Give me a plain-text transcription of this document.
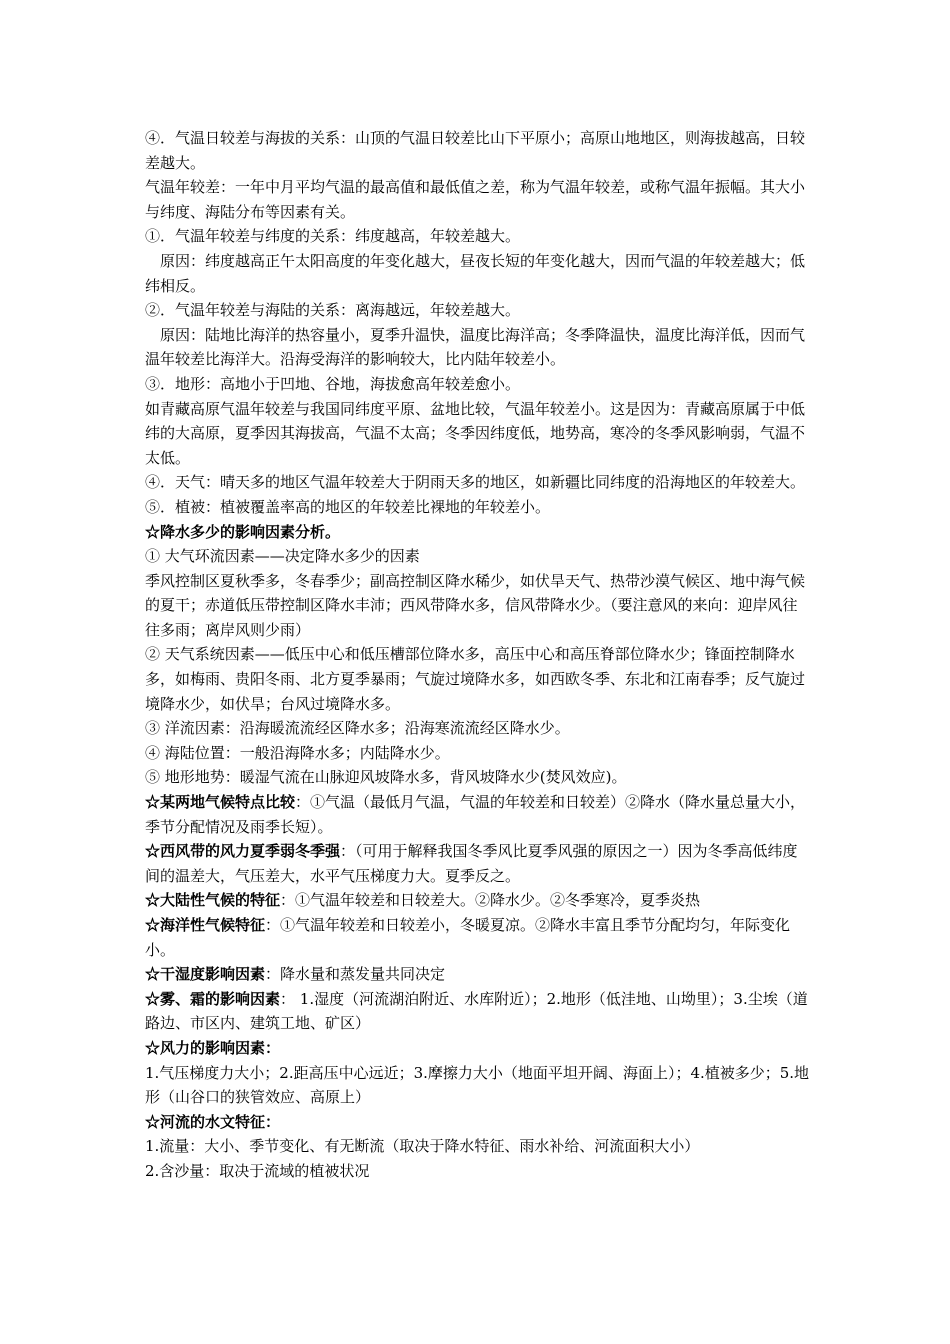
④．气温日较差与海拔的关系：山顶的气温日较差比山下平原小；高原山地地区，则海拔越高，日较差越大。

气温年较差：一年中月平均气温的最高值和最低值之差，称为气温年较差，或称气温年振幅。其大小与纬度、海陆分布等因素有关。

①．气温年较差与纬度的关系：纬度越高，年较差越大。

原因：纬度越高正午太阳高度的年变化越大，昼夜长短的年变化越大，因而气温的年较差越大；低纬相反。

②．气温年较差与海陆的关系：离海越远，年较差越大。

原因：陆地比海洋的热容量小，夏季升温快，温度比海洋高；冬季降温快，温度比海洋低，因而气温年较差比海洋大。沿海受海洋的影响较大，比内陆年较差小。

③．地形：高地小于凹地、谷地，海拔愈高年较差愈小。

如青藏高原气温年较差与我国同纬度平原、盆地比较，气温年较差小。这是因为：青藏高原属于中低纬的大高原，夏季因其海拔高，气温不太高；冬季因纬度低，地势高，寒冷的冬季风影响弱，气温不太低。

④．天气：晴天多的地区气温年较差大于阴雨天多的地区，如新疆比同纬度的沿海地区的年较差大。

⑤．植被：植被覆盖率高的地区的年较差比裸地的年较差小。

☆降水多少的影响因素分析。

① 大气环流因素——决定降水多少的因素

季风控制区夏秋季多，冬春季少；副高控制区降水稀少，如伏旱天气、热带沙漠气候区、地中海气候的夏干；赤道低压带控制区降水丰沛；西风带降水多，信风带降水少。（要注意风的来向：迎岸风往往多雨；离岸风则少雨）

② 天气系统因素——低压中心和低压槽部位降水多，高压中心和高压脊部位降水少；锋面控制降水多，如梅雨、贵阳冬雨、北方夏季暴雨；气旋过境降水多，如西欧冬季、东北和江南春季；反气旋过境降水少，如伏旱；台风过境降水多。

③ 洋流因素：沿海暖流流经区降水多；沿海寒流流经区降水少。

④ 海陆位置：一般沿海降水多；内陆降水少。

⑤ 地形地势：暖湿气流在山脉迎风坡降水多，背风坡降水少(焚风效应)。

☆某两地气候特点比较：①气温（最低月气温，气温的年较差和日较差）②降水（降水量总量大小，季节分配情况及雨季长短）。

☆西风带的风力夏季弱冬季强：（可用于解释我国冬季风比夏季风强的原因之一）因为冬季高低纬度间的温差大，气压差大，水平气压梯度力大。夏季反之。

☆大陆性气候的特征：①气温年较差和日较差大。②降水少。②冬季寒冷，夏季炎热

☆海洋性气候特征：①气温年较差和日较差小，冬暖夏凉。②降水丰富且季节分配均匀，年际变化小。

☆干湿度影响因素：降水量和蒸发量共同决定

☆雾、霜的影响因素： 1.湿度（河流湖泊附近、水库附近）；2.地形（低洼地、山坳里）；3.尘埃（道路边、市区内、建筑工地、矿区）

☆风力的影响因素：

1.气压梯度力大小；2.距高压中心远近；3.摩擦力大小（地面平坦开阔、海面上）；4.植被多少；5.地形（山谷口的狭管效应、高原上）

☆河流的水文特征：

1.流量：大小、季节变化、有无断流（取决于降水特征、雨水补给、河流面积大小）

2.含沙量：取决于流域的植被状况
